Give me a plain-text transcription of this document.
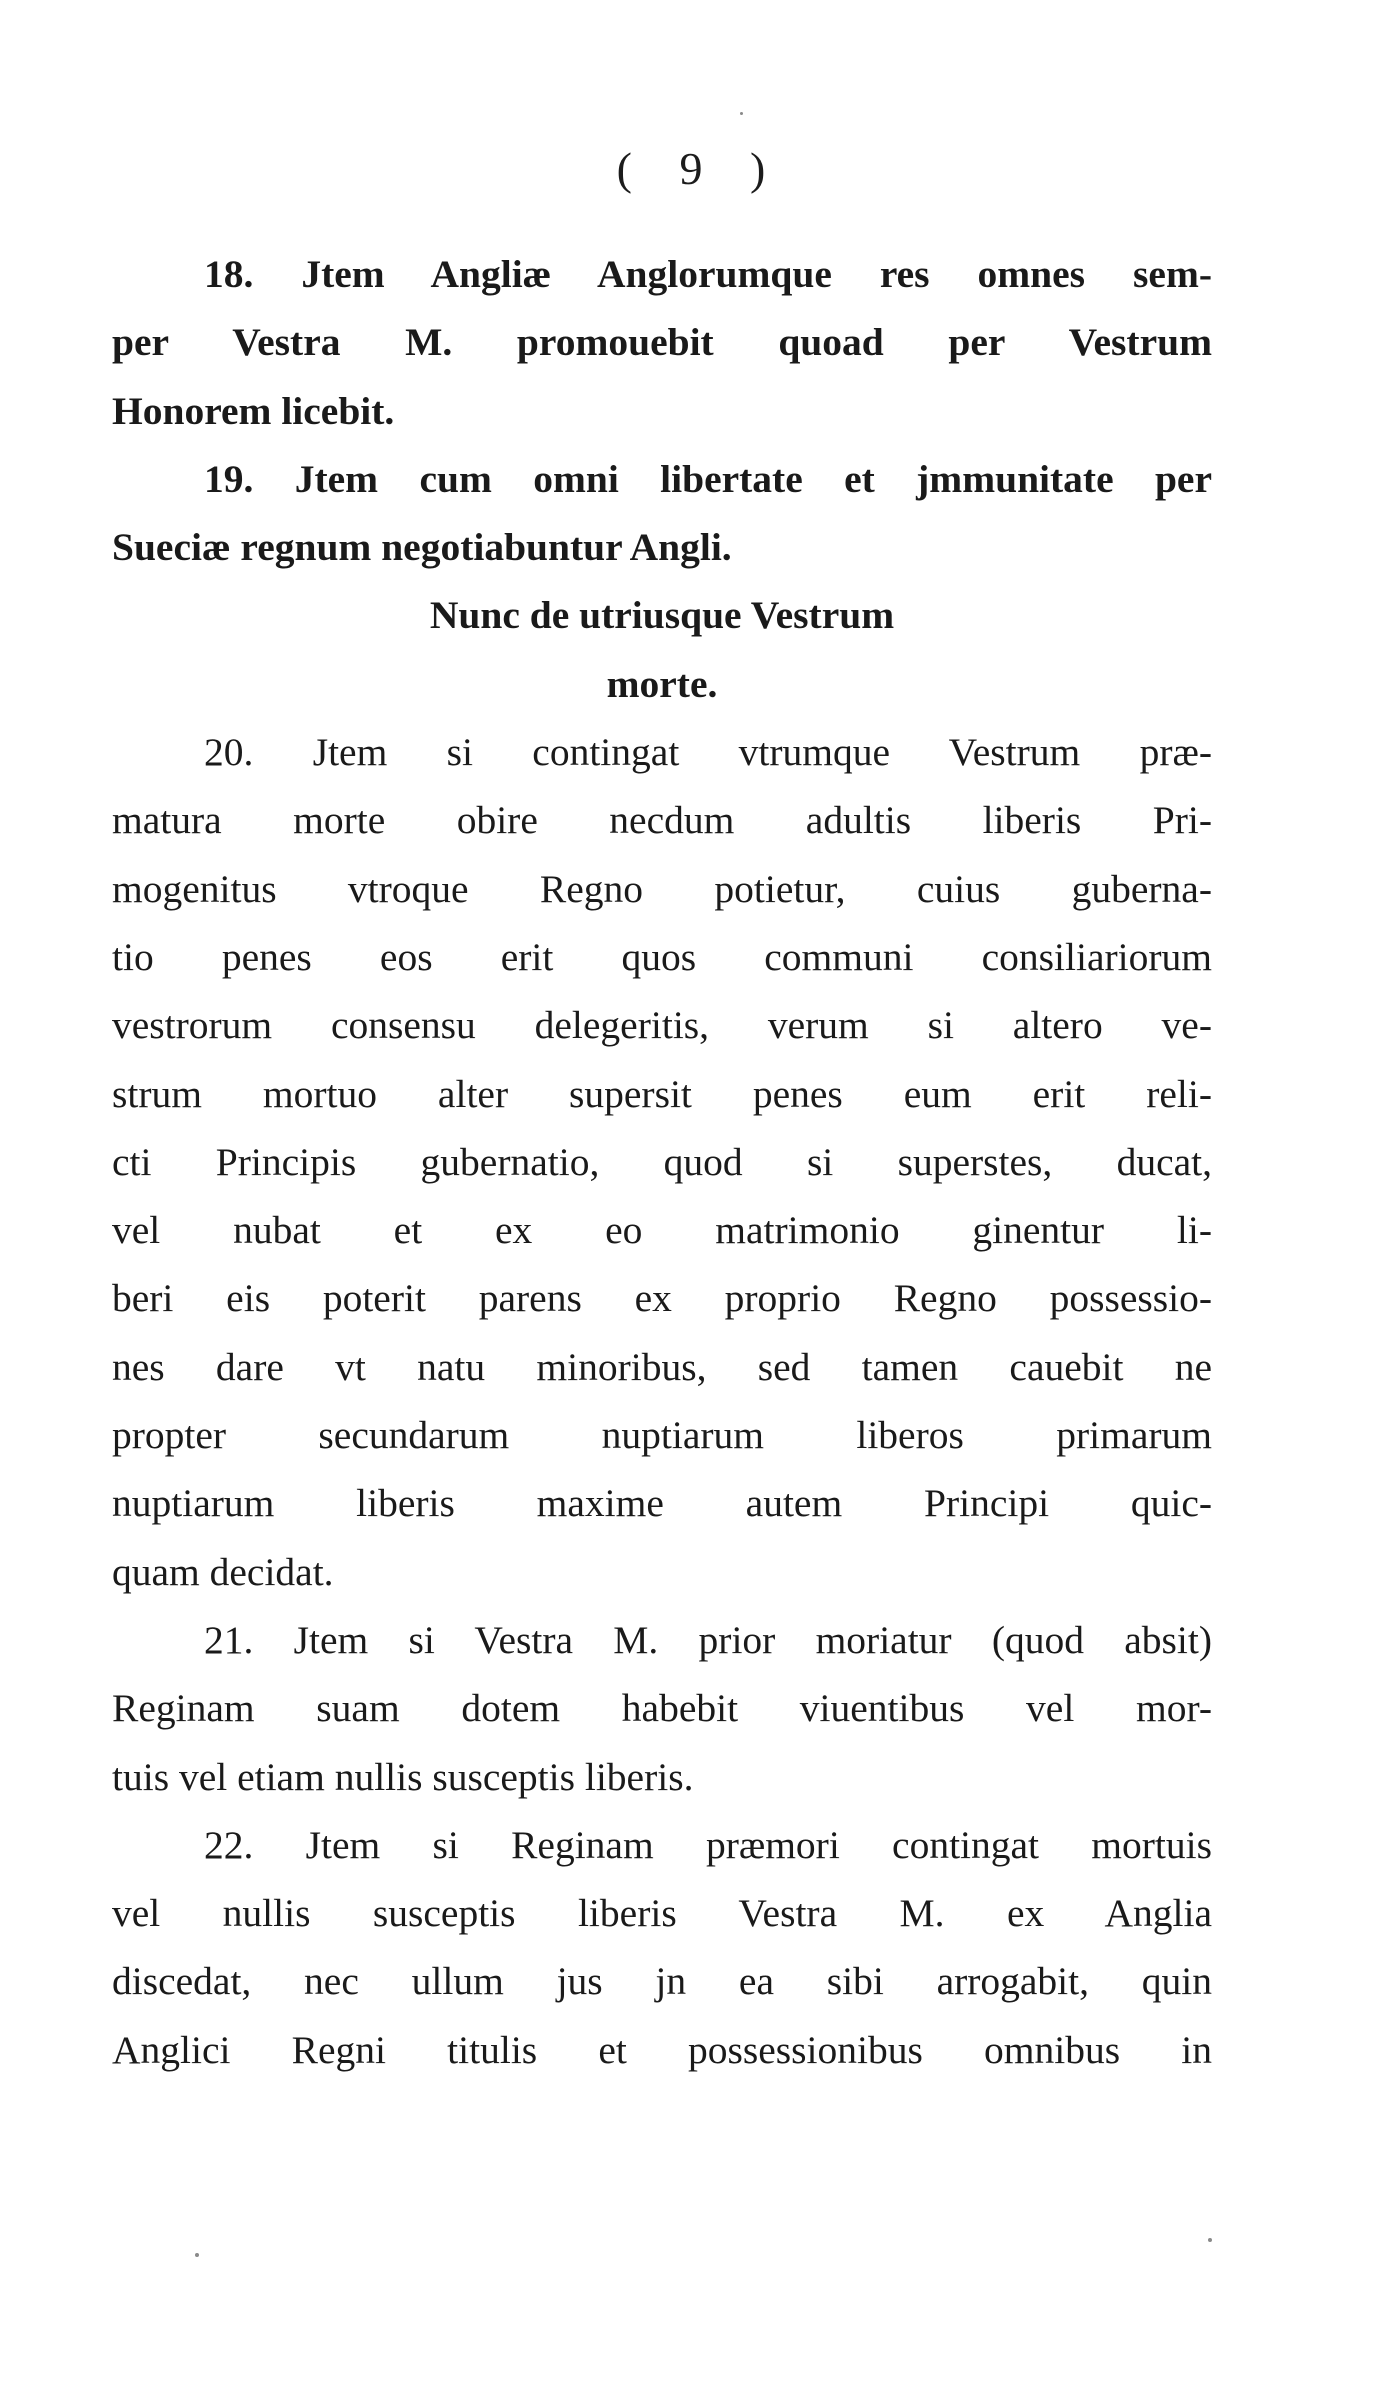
( 9 )
18. Jtem Angliæ Anglorumque res omnes sem-
per Vestra M. promouebit quoad per Vestrum
Honorem licebit.
19. Jtem cum omni libertate et jmmunitate per
Sueciæ regnum negotiabuntur Angli.
Nunc de utriusque Vestrum
morte.
20. Jtem si contingat vtrumque Vestrum præ-
matura morte obire necdum adultis liberis Pri-
mogenitus vtroque Regno potietur, cuius guberna-
tio penes eos erit quos communi consiliariorum
vestrorum consensu delegeritis, verum si altero ve-
strum mortuo alter supersit penes eum erit reli-
cti Principis gubernatio, quod si superstes, ducat,
vel nubat et ex eo matrimonio ginentur li-
beri eis poterit parens ex proprio Regno possessio-
nes dare vt natu minoribus, sed tamen cauebit ne
propter secundarum nuptiarum liberos primarum
nuptiarum liberis maxime autem Principi quic-
quam decidat.
21. Jtem si Vestra M. prior moriatur (quod absit)
Reginam suam dotem habebit viuentibus vel mor-
tuis vel etiam nullis susceptis liberis.
22. Jtem si Reginam præmori contingat mortuis
vel nullis susceptis liberis Vestra M. ex Anglia
discedat, nec ullum jus jn ea sibi arrogabit, quin
Anglici Regni titulis et possessionibus omnibus in
